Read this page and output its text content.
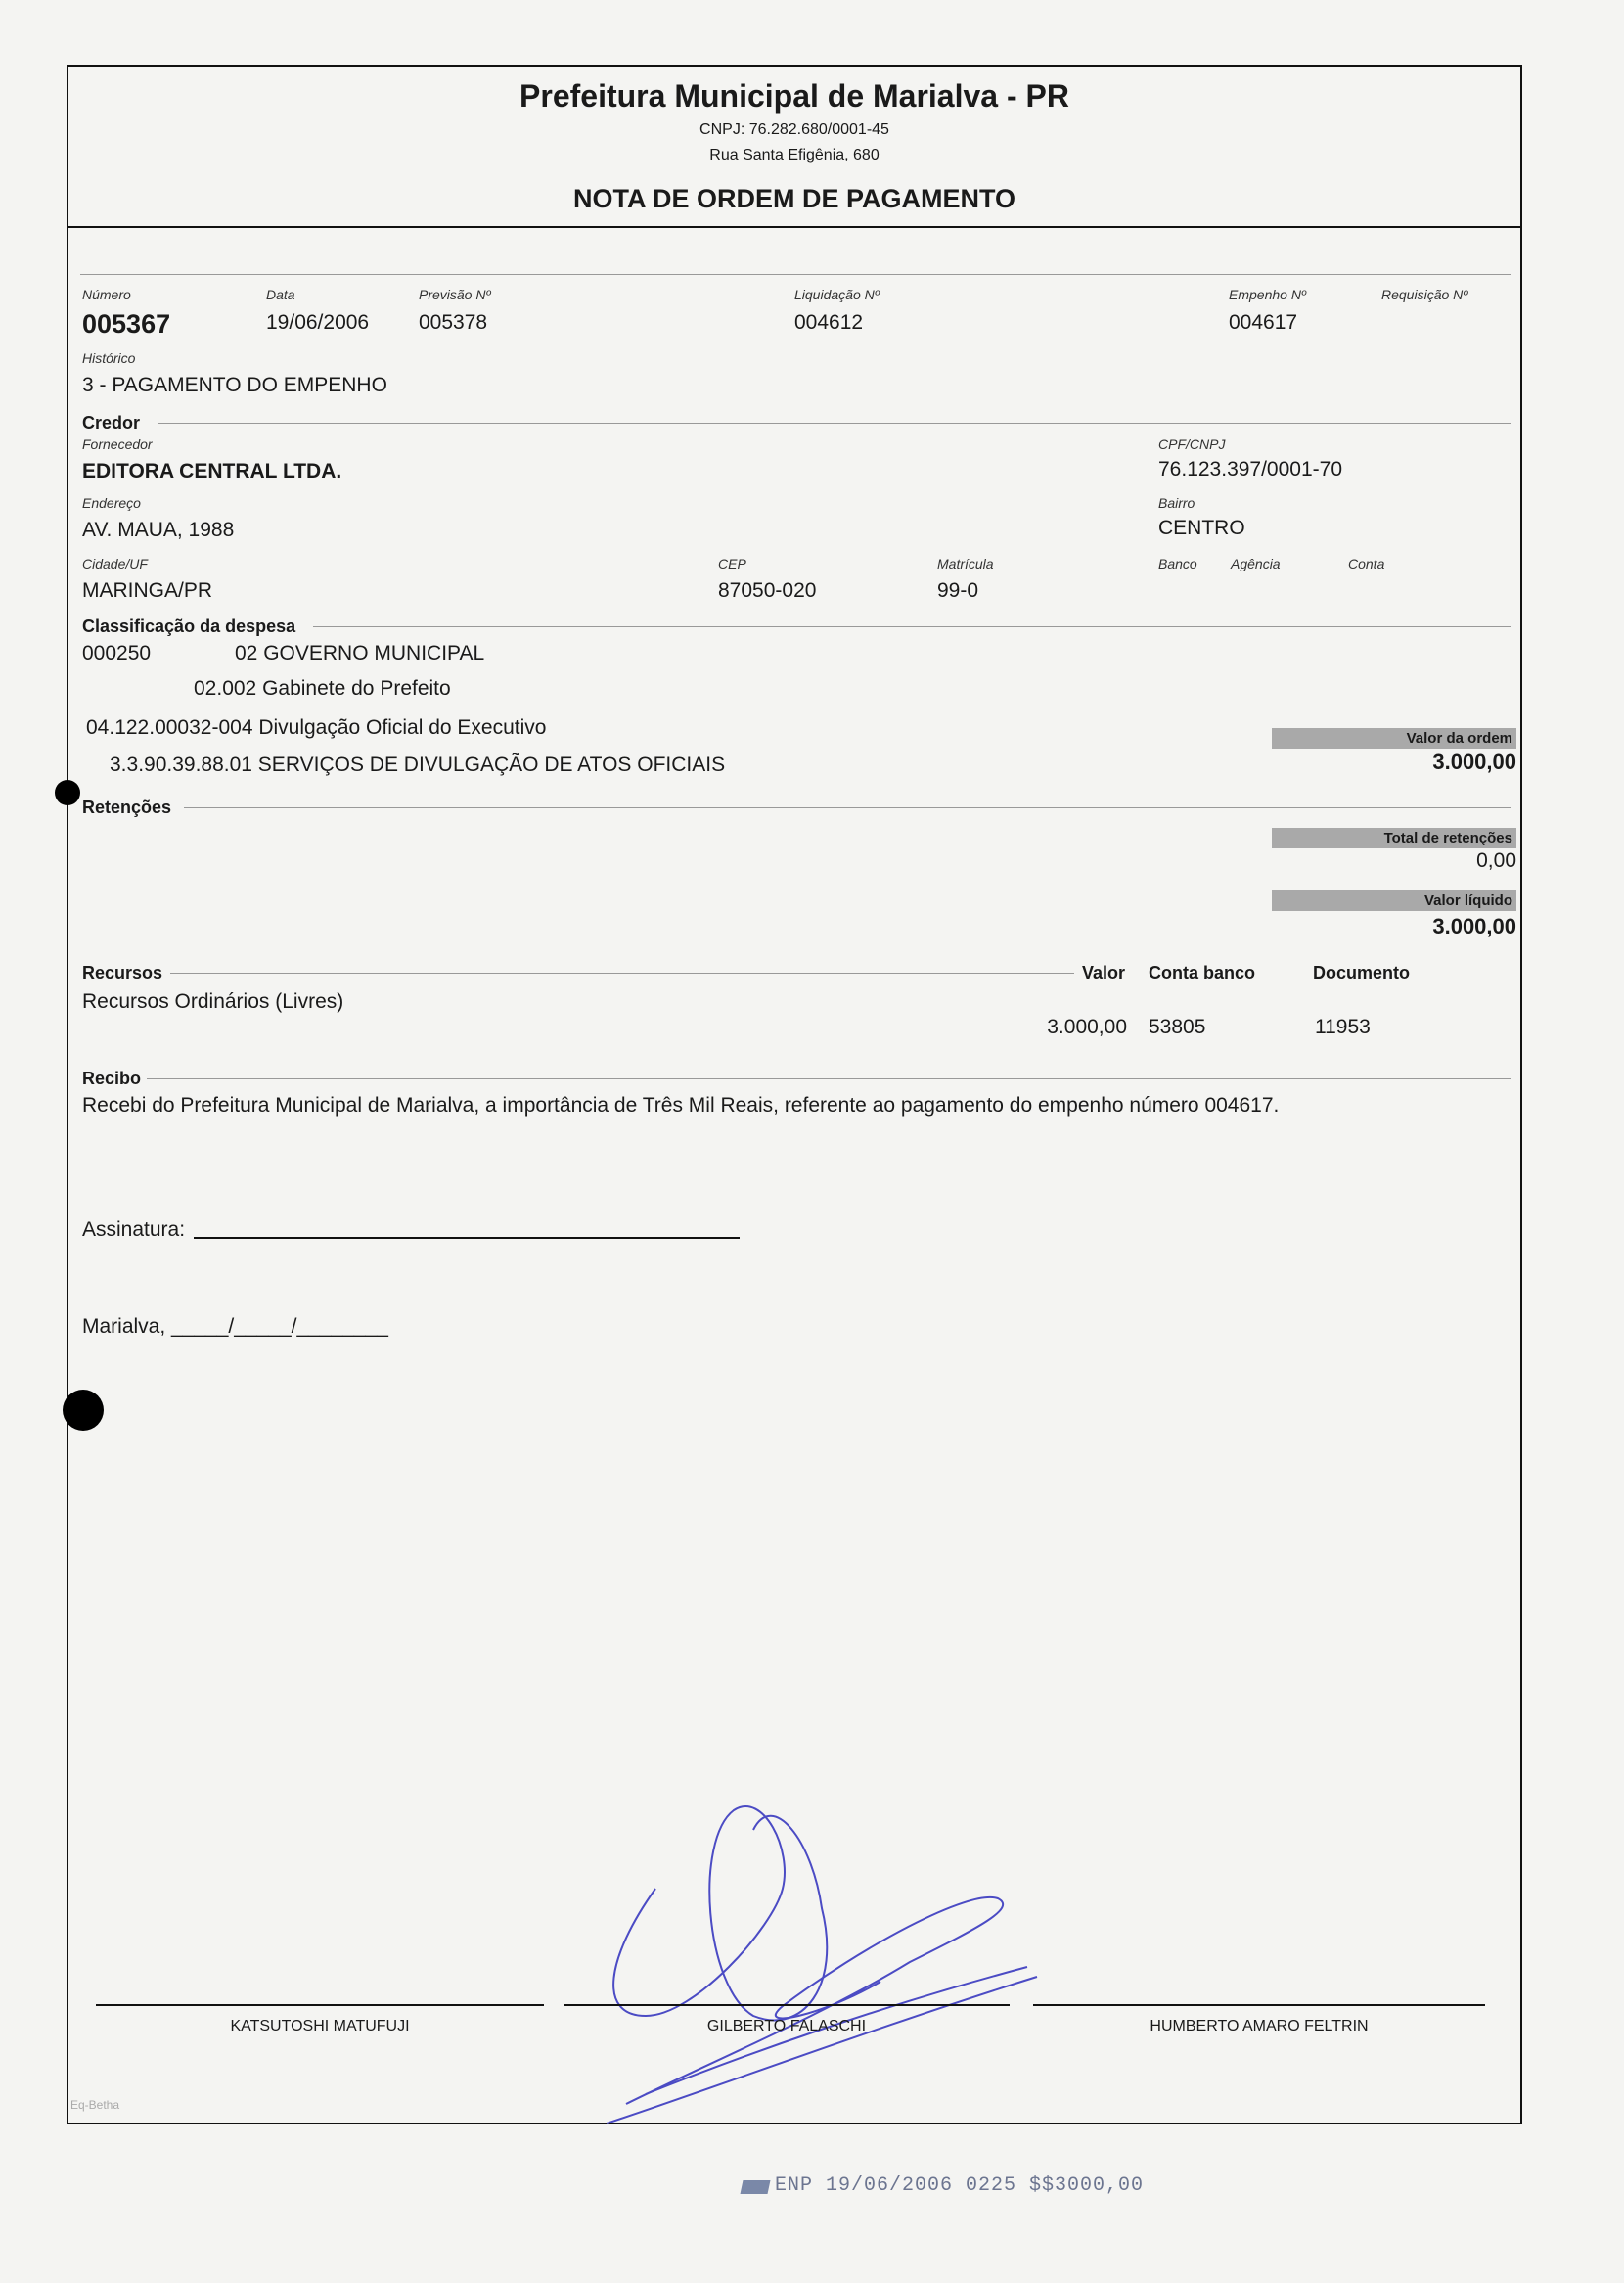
Prefeitura Municipal de Marialva - PR
CNPJ: 76.282.680/0001-45
Rua Santa Efigênia, 680
NOTA DE ORDEM DE PAGAMENTO
Número
005367
Data
19/06/2006
Previsão Nº
005378
Liquidação Nº
004612
Empenho Nº
004617
Requisição Nº
Histórico
3 - PAGAMENTO DO EMPENHO
Credor
Fornecedor
EDITORA CENTRAL LTDA.
CPF/CNPJ
76.123.397/0001-70
Endereço
AV. MAUA, 1988
Bairro
CENTRO
Cidade/UF
MARINGA/PR
CEP
87050-020
Matrícula
99-0
Banco Agência	Conta
Classificação da despesa
000250	02 GOVERNO MUNICIPAL
02.002 Gabinete do Prefeito
04.122.00032-004 Divulgação Oficial do Executivo
3.3.90.39.88.01 SERVIÇOS DE DIVULGAÇÃO DE ATOS OFICIAIS
Valor da ordem
3.000,00
Retenções
Total de retenções
0,00
Valor líquido
3.000,00
Recursos	Valor Conta banco	Documento
Recursos Ordinários (Livres)
3.000,00 53805	11953
Recibo
Recebi do Prefeitura Municipal de Marialva, a importância de Três Mil Reais, referente ao pagamento do empenho número 004617.
Assinatura:
Marialva, _____/_____/________
KATSUTOSHI MATUFUJI	GILBERTO FALASCHI	HUMBERTO AMARO FELTRIN
Eq-Betha
ENP 19/06/2006 0225 $$3000,00
